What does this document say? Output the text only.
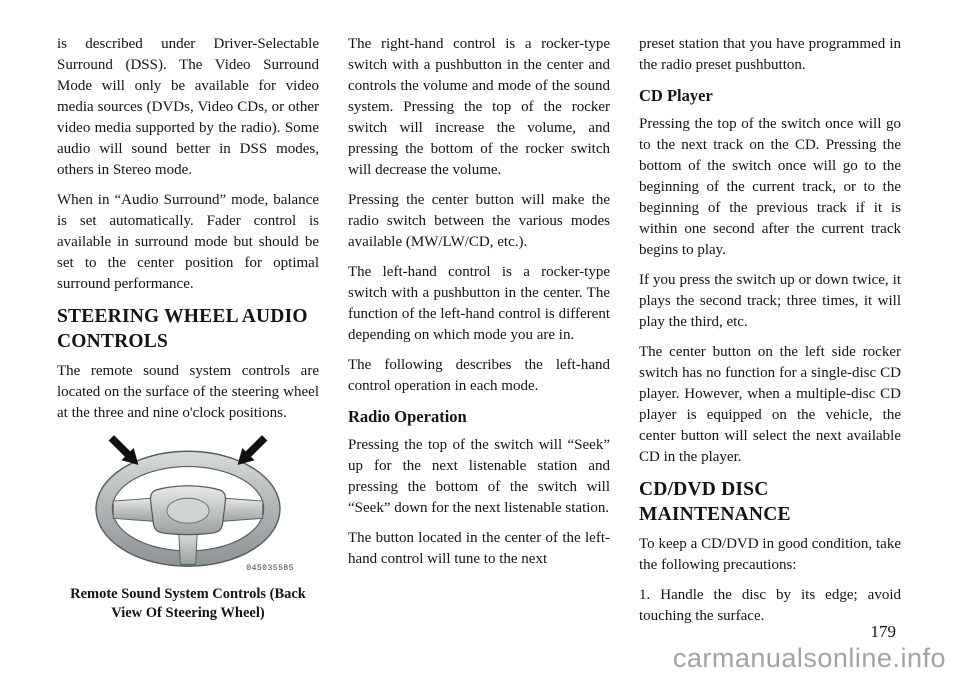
is described under Driver-Selectable Surround (DSS). The Video Surround Mode will only be available for video media sources (DVDs, Video CDs, or other video media supported by the radio). Some audio will sound better in DSS modes, others in Stereo mode.

When in “Audio Surround” mode, balance is set automatically. Fader control is available in surround mode but should be set to the center position for optimal surround performance.

STEERING WHEEL AUDIO CONTROLS

The remote sound system controls are located on the surface of the steering wheel at the three and nine o'clock positions.

045035585
Remote Sound System Controls (Back
View Of Steering Wheel)

The right-hand control is a rocker-type switch with a pushbutton in the center and controls the volume and mode of the sound system. Pressing the top of the rocker switch will increase the volume, and pressing the bottom of the rocker switch will decrease the volume.

Pressing the center button will make the radio switch between the various modes available (MW/LW/CD, etc.).

The left-hand control is a rocker-type switch with a pushbutton in the center. The function of the left-hand control is different depending on which mode you are in.

The following describes the left-hand control operation in each mode.

Radio Operation

Pressing the top of the switch will “Seek” up for the next listenable station and pressing the bottom of the switch will “Seek” down for the next listenable station.

The button located in the center of the left-hand control will tune to the next

preset station that you have programmed in the radio preset pushbutton.

CD Player

Pressing the top of the switch once will go to the next track on the CD. Pressing the bottom of the switch once will go to the beginning of the current track, or to the beginning of the previous track if it is within one second after the current track begins to play.

If you press the switch up or down twice, it plays the second track; three times, it will play the third, etc.

The center button on the left side rocker switch has no function for a single-disc CD player. However, when a multiple-disc CD player is equipped on the vehicle, the center button will select the next available CD in the player.

CD/DVD DISC MAINTENANCE

To keep a CD/DVD in good condition, take the following precautions:

1. Handle the disc by its edge; avoid touching the surface.

179
carmanualsonline.info
